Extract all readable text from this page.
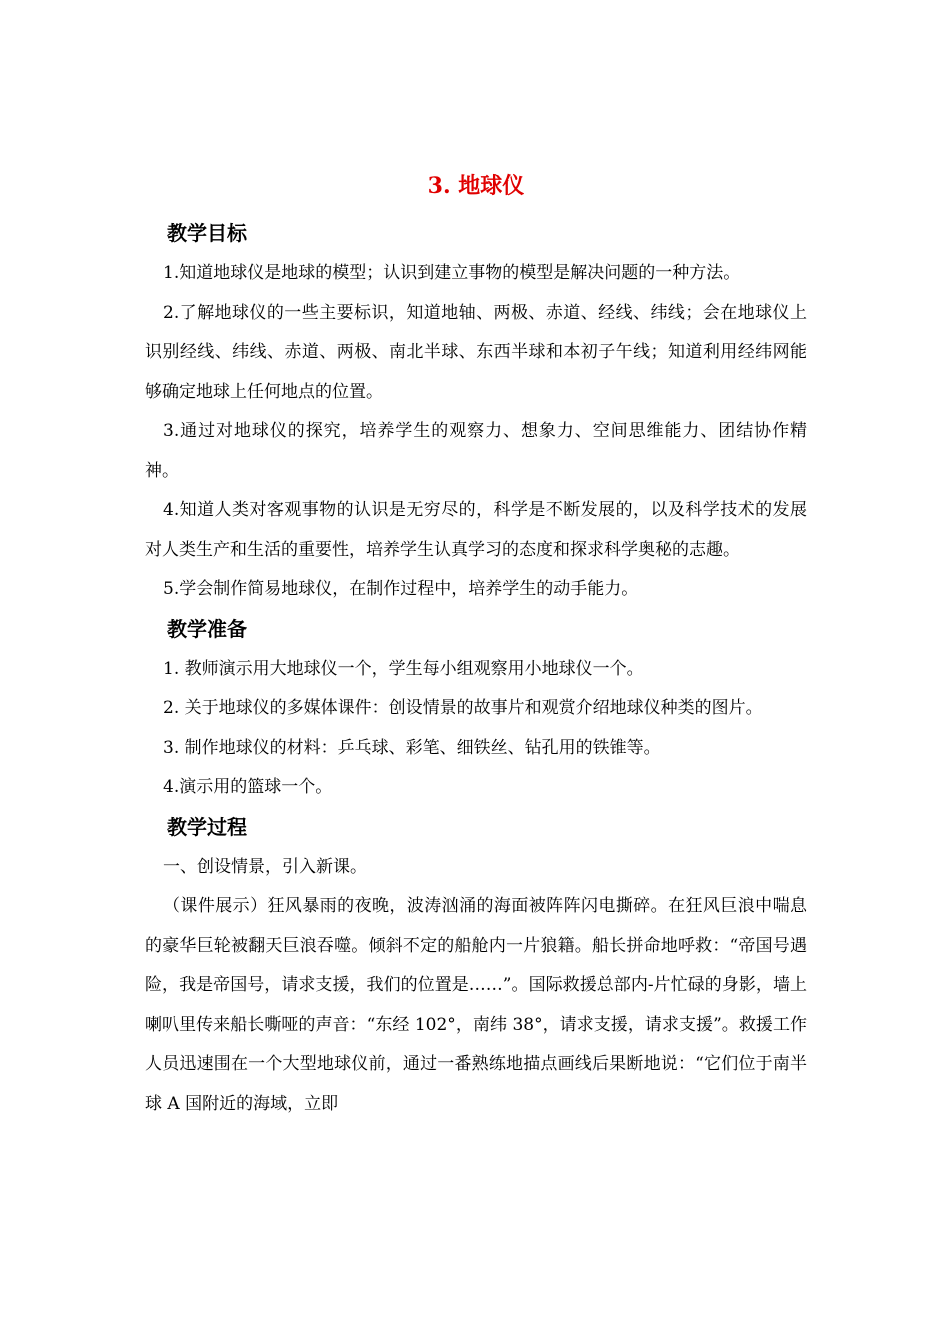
3. 地球仪
教学目标

1.知道地球仪是地球的模型；认识到建立事物的模型是解决问题的一种方法。

2.了解地球仪的一些主要标识，知道地轴、两极、赤道、经线、纬线；会在地球仪上识别经线、纬线、赤道、两极、南北半球、东西半球和本初子午线；知道利用经纬网能够确定地球上任何地点的位置。

3.通过对地球仪的探究，培养学生的观察力、想象力、空间思维能力、团结协作精神。

4.知道人类对客观事物的认识是无穷尽的，科学是不断发展的，以及科学技术的发展对人类生产和生活的重要性，培养学生认真学习的态度和探求科学奥秘的志趣。

5.学会制作简易地球仪，在制作过程中，培养学生的动手能力。

教学准备

1. 教师演示用大地球仪一个，学生每小组观察用小地球仪一个。

2. 关于地球仪的多媒体课件：创设情景的故事片和观赏介绍地球仪种类的图片。

3. 制作地球仪的材料：乒乓球、彩笔、细铁丝、钻孔用的铁锥等。

4.演示用的篮球一个。

教学过程

一、创设情景，引入新课。

（课件展示）狂风暴雨的夜晚，波涛汹涌的海面被阵阵闪电撕碎。在狂风巨浪中喘息的豪华巨轮被翻天巨浪吞噬。倾斜不定的船舱内一片狼籍。船长拼命地呼救：“帝国号遇险，我是帝国号，请求支援，我们的位置是……”。国际救援总部内-片忙碌的身影，墙上喇叭里传来船长嘶哑的声音：“东经 102°，南纬 38°，请求支援，请求支援”。救援工作人员迅速围在一个大型地球仪前，通过一番熟练地描点画线后果断地说：“它们位于南半球 A 国附近的海域，立即
